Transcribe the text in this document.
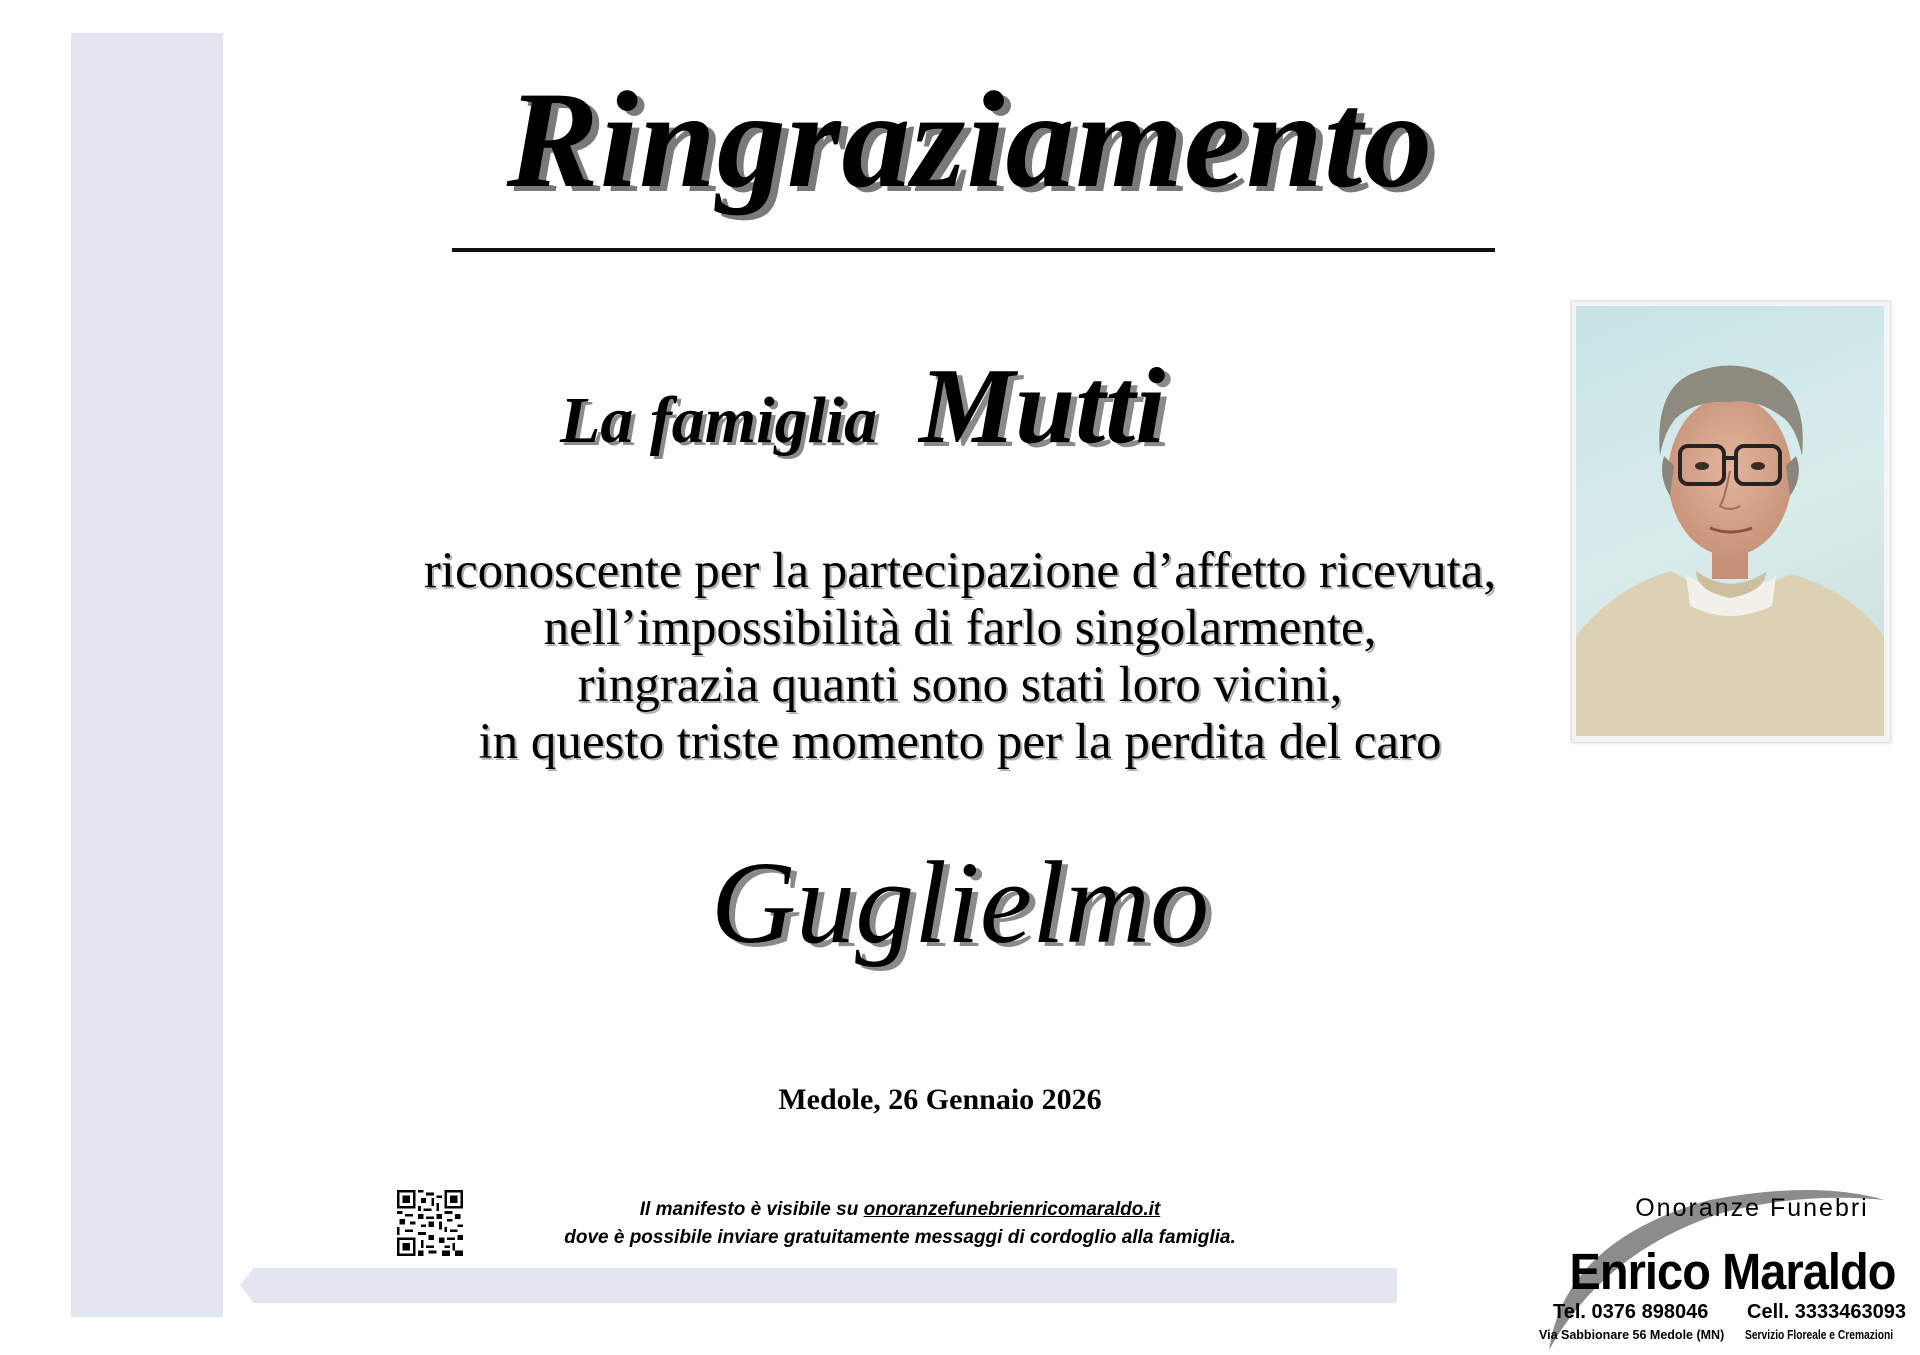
Ringraziamento
La famiglia Mutti
riconoscente per la partecipazione d’affetto ricevuta,
nell’impossibilità di farlo singolarmente,
ringrazia quanti sono stati loro vicini,
in questo triste momento per la perdita del caro
Guglielmo
Medole, 26 Gennaio 2026
Il manifesto è visibile su onoranzefunebrienricomaraldo.it
dove è possibile inviare gratuitamente messaggi di cordoglio alla famiglia.
Onoranze Funebri
Enrico Maraldo
Tel. 0376 898046 Cell. 3333463093
Via Sabbionare 56 Medole (MN) Servizio Floreale e Cremazioni
